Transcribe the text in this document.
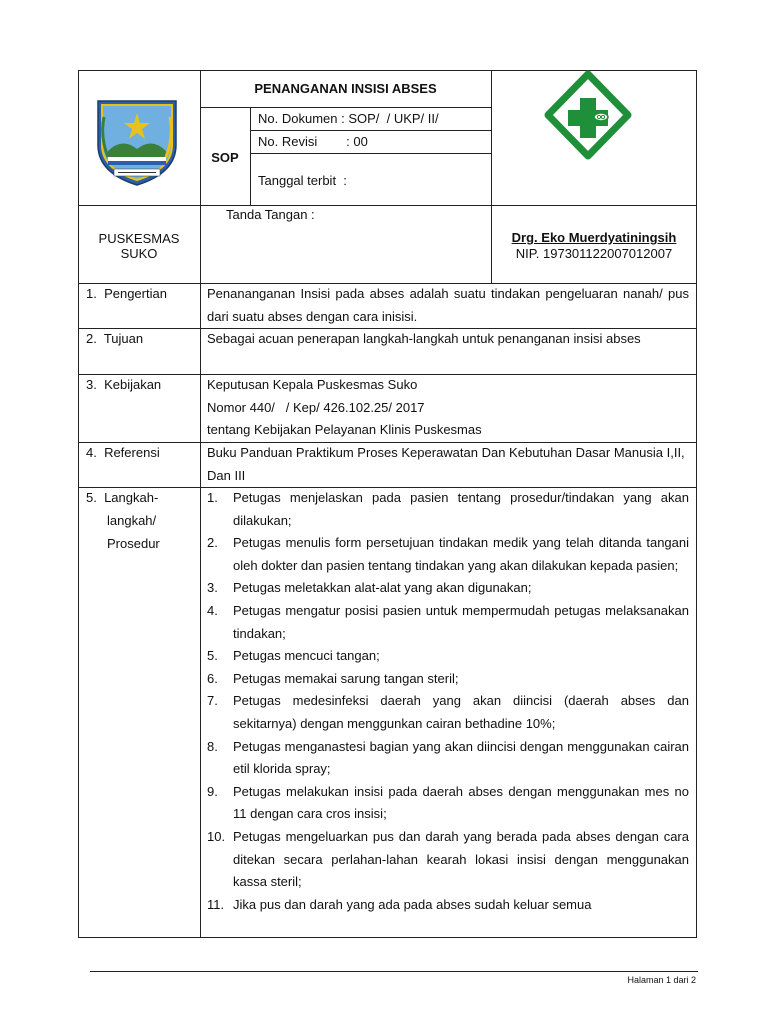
PENANGANAN INSISI ABSES
SOP
No. Dokumen : SOP/  / UKP/ II/
No. Revisi        : 00
Tanggal terbit  :
Tanda Tangan :
PUSKESMAS
SUKO
Drg. Eko Muerdyatiningsih
NIP. 197301122007012007
1.  Pengertian	Penananganan Insisi pada abses adalah suatu tindakan pengeluaran nanah/ pus dari suatu abses dengan cara inisisi.
2.  Tujuan	Sebagai acuan penerapan langkah-langkah untuk penanganan insisi abses
3.  Kebijakan	Keputusan Kepala Puskesmas Suko
Nomor 440/   / Kep/ 426.102.25/ 2017
tentang Kebijakan Pelayanan Klinis Puskesmas
4.  Referensi	Buku Panduan Praktikum Proses Keperawatan Dan Kebutuhan Dasar Manusia I,II, Dan III
5.  Langkah-
langkah/
Prosedur
1. Petugas menjelaskan pada pasien tentang prosedur/tindakan yang akan dilakukan;
2. Petugas menulis form persetujuan tindakan medik yang telah ditanda tangani oleh dokter dan pasien tentang tindakan yang akan dilakukan kepada pasien;
3. Petugas meletakkan alat-alat yang akan digunakan;
4. Petugas mengatur posisi pasien untuk mempermudah petugas melaksanakan tindakan;
5. Petugas mencuci tangan;
6. Petugas memakai sarung tangan steril;
7. Petugas medesinfeksi daerah yang akan diincisi (daerah abses dan sekitarnya) dengan menggunkan cairan bethadine 10%;
8. Petugas menganastesi bagian yang akan diincisi dengan menggunakan cairan etil klorida spray;
9. Petugas melakukan insisi pada daerah abses dengan menggunakan mes no 11 dengan cara cros insisi;
10. Petugas mengeluarkan pus dan darah yang berada pada abses dengan cara ditekan secara perlahan-lahan kearah lokasi insisi dengan menggunakan kassa steril;
11. Jika pus dan darah yang ada pada abses sudah keluar semua
Halaman 1 dari 2
